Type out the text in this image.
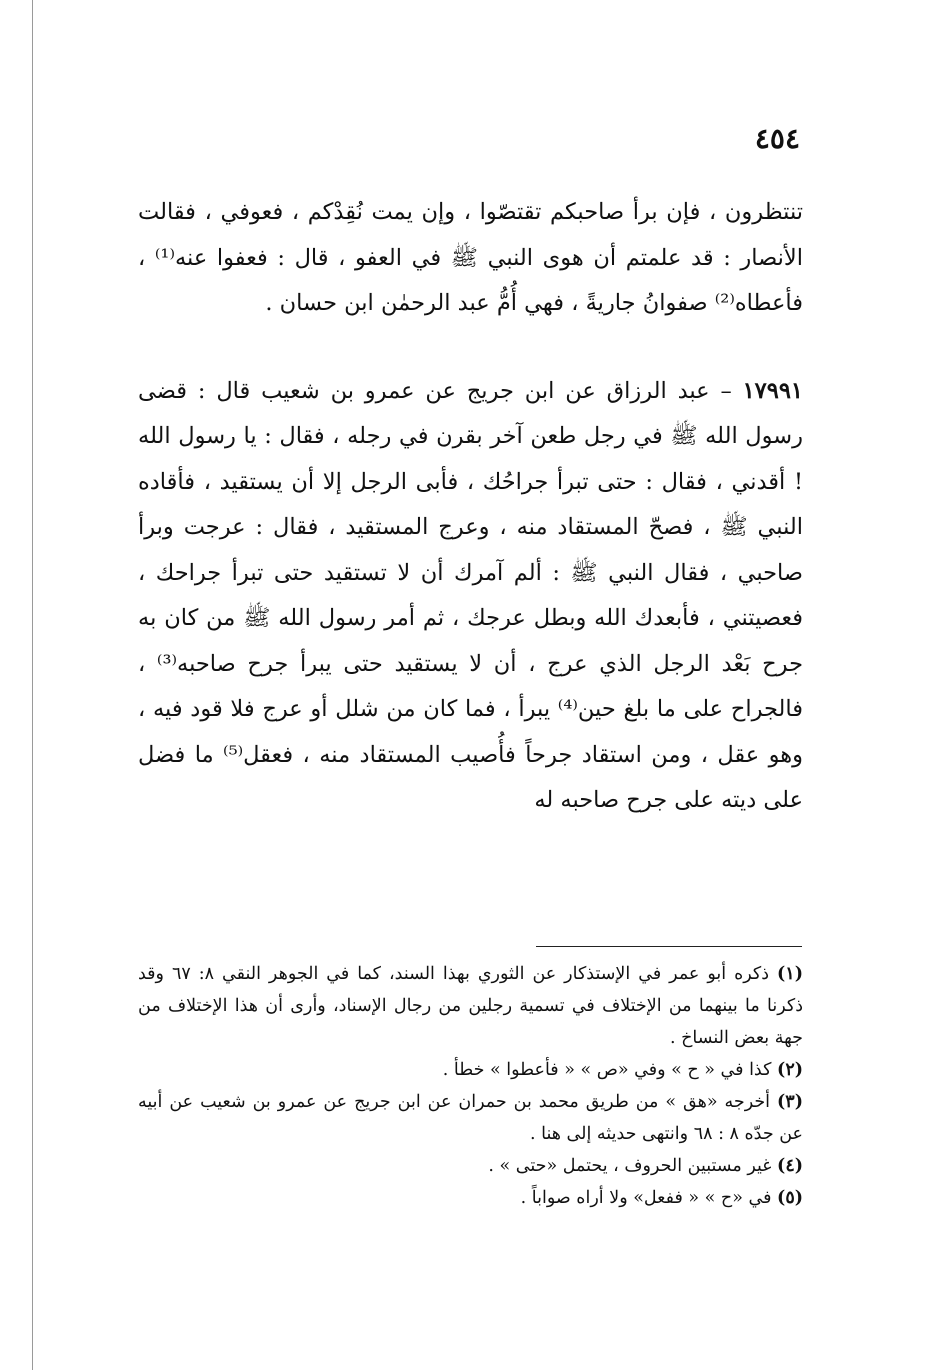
٤٥٤

تنتظرون ، فإن برأ صاحبكم تقتصّوا ، وإن يمت نُقِدْكم ، فعوفي ، فقالت الأنصار : قد علمتم أن هوى النبي ﷺ في العفو ، قال : فعفوا عنه⁽¹⁾ ، فأعطاه⁽²⁾ صفوانُ جاريةً ، فهي أُمُّ عبد الرحمٰن ابن حسان .

١٧٩٩١ – عبد الرزاق عن ابن جريج عن عمرو بن شعيب قال : قضى رسول الله ﷺ في رجل طعن آخر بقرن في رجله ، فقال : يا رسول الله ! أقدني ، فقال : حتى تبرأ جراحُك ، فأبى الرجل إلا أن يستقيد ، فأقاده النبي ﷺ ، فصحّ المستقاد منه ، وعرج المستقيد ، فقال : عرجت وبرأ صاحبي ، فقال النبي ﷺ : ألم آمرك أن لا تستقيد حتى تبرأ جراحك ، فعصيتني ، فأبعدك الله وبطل عرجك ، ثم أمر رسول الله ﷺ من كان به جرح بَعْد الرجل الذي عرج ، أن لا يستقيد حتى يبرأ جرح صاحبه⁽³⁾ ، فالجراح على ما بلغ حين⁽⁴⁾ يبرأ ، فما كان من شلل أو عرج فلا قود فيه ، وهو عقل ، ومن استقاد جرحاً فأُصيب المستقاد منه ، فعقل⁽⁵⁾ ما فضل على ديته على جرح صاحبه له

(١) ذكره أبو عمر في الإستذكار عن الثوري بهذا السند، كما في الجوهر النقي ٨: ٦٧ وقد ذكرنا ما بينهما من الإختلاف في تسمية رجلين من رجال الإسناد، وأرى أن هذا الإختلاف من جهة بعض النساخ .

(٢) كذا في « ح » وفي «ص » « فأعطوا » خطأ .

(٣) أخرجه «هق » من طريق محمد بن حمران عن ابن جريج عن عمرو بن شعيب عن أبيه عن جدّه ٨ : ٦٨ وانتهى حديثه إلى هنا .

(٤) غير مستبين الحروف ، يحتمل «حتى » .

(٥) في «ح » « ففعل» ولا أراه صواباً .
